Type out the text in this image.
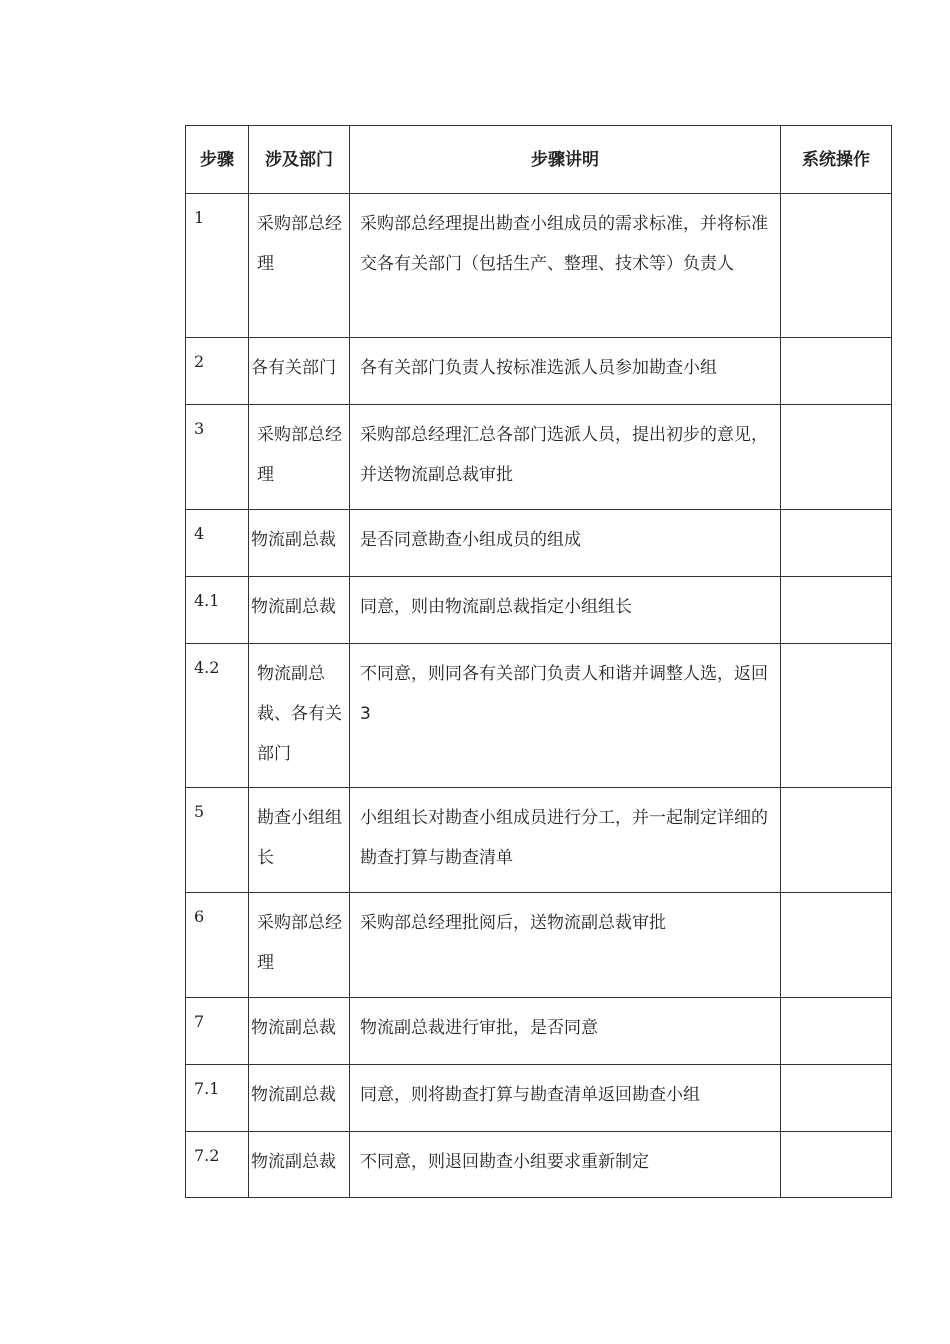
步骤	涉及部门	步骤讲明	系统操作
1	采购部总经理	采购部总经理提出勘查小组成员的需求标准，并将标准交各有关部门（包括生产、整理、技术等）负责人	
2	各有关部门	各有关部门负责人按标准选派人员参加勘查小组	
3	采购部总经理	采购部总经理汇总各部门选派人员，提出初步的意见，并送物流副总裁审批	
4	物流副总裁	是否同意勘查小组成员的组成	
4.1	物流副总裁	同意，则由物流副总裁指定小组组长	
4.2	物流副总裁、各有关部门	不同意，则同各有关部门负责人和谐并调整人选，返回3	
5	勘查小组组长	小组组长对勘查小组成员进行分工，并一起制定详细的勘查打算与勘查清单	
6	采购部总经理	采购部总经理批阅后，送物流副总裁审批	
7	物流副总裁	物流副总裁进行审批，是否同意	
7.1	物流副总裁	同意，则将勘查打算与勘查清单返回勘查小组	
7.2	物流副总裁	不同意，则退回勘查小组要求重新制定	
